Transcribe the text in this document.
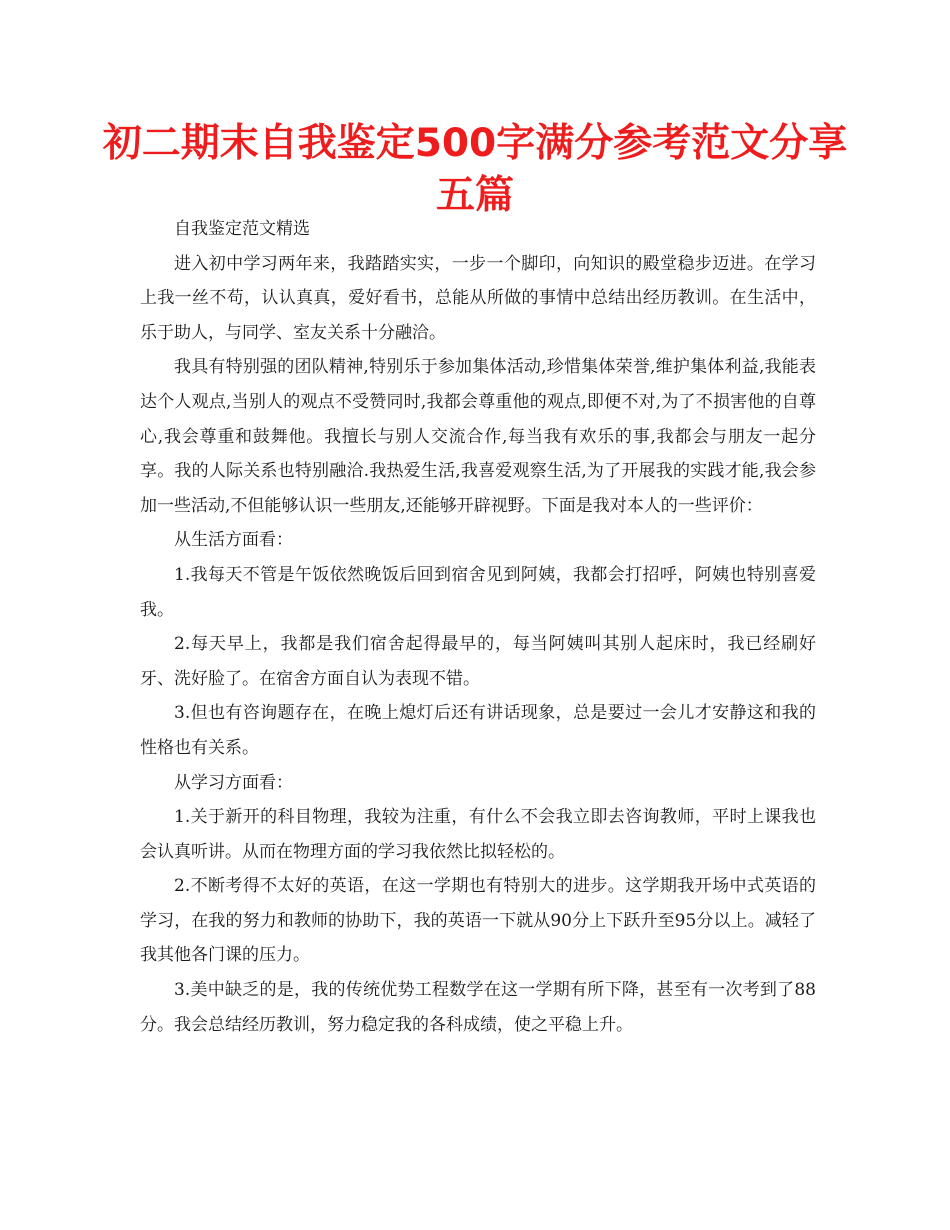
初二期末自我鉴定500字满分参考范文分享五篇

自我鉴定范文精选

进入初中学习两年来，我踏踏实实，一步一个脚印，向知识的殿堂稳步迈进。在学习上我一丝不苟，认认真真，爱好看书，总能从所做的事情中总结出经历教训。在生活中，乐于助人，与同学、室友关系十分融洽。

我具有特别强的团队精神,特别乐于参加集体活动,珍惜集体荣誉,维护集体利益,我能表达个人观点,当别人的观点不受赞同时,我都会尊重他的观点,即便不对,为了不损害他的自尊心,我会尊重和鼓舞他。我擅长与别人交流合作,每当我有欢乐的事,我都会与朋友一起分享。我的人际关系也特别融洽.我热爱生活,我喜爱观察生活,为了开展我的实践才能,我会参加一些活动,不但能够认识一些朋友,还能够开辟视野。下面是我对本人的一些评价：

从生活方面看：

1.我每天不管是午饭依然晚饭后回到宿舍见到阿姨，我都会打招呼，阿姨也特别喜爱我。

2.每天早上，我都是我们宿舍起得最早的，每当阿姨叫其别人起床时，我已经刷好牙、洗好脸了。在宿舍方面自认为表现不错。

3.但也有咨询题存在，在晚上熄灯后还有讲话现象，总是要过一会儿才安静这和我的性格也有关系。

从学习方面看：

1.关于新开的科目物理，我较为注重，有什么不会我立即去咨询教师，平时上课我也会认真听讲。从而在物理方面的学习我依然比拟轻松的。

2.不断考得不太好的英语，在这一学期也有特别大的进步。这学期我开场中式英语的学习，在我的努力和教师的协助下，我的英语一下就从90分上下跃升至95分以上。减轻了我其他各门课的压力。

3.美中缺乏的是，我的传统优势工程数学在这一学期有所下降，甚至有一次考到了88分。我会总结经历教训，努力稳定我的各科成绩，使之平稳上升。
